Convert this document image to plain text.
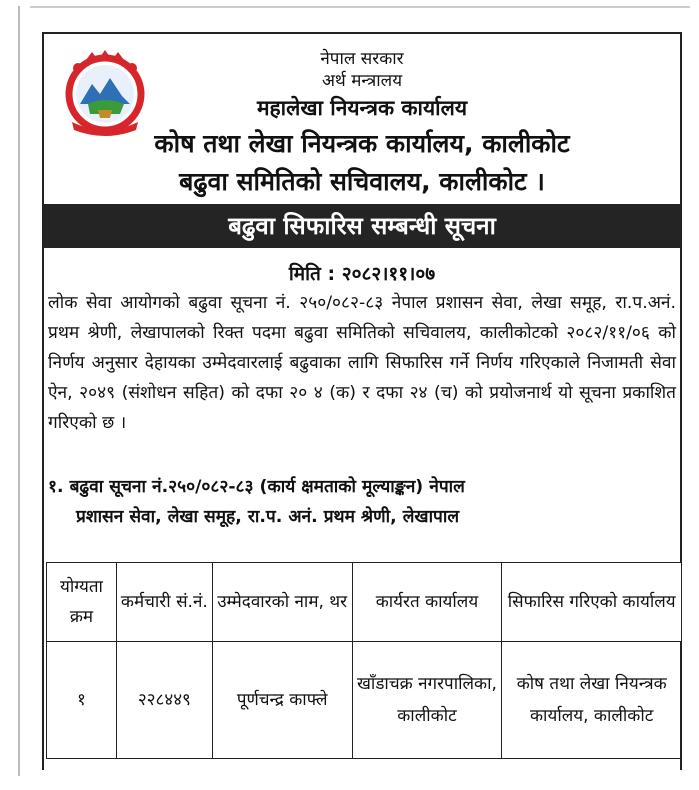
नेपाल सरकार
अर्थ मन्त्रालय
महालेखा नियन्त्रक कार्यालय
कोष तथा लेखा नियन्त्रक कार्यालय, कालीकोट
बढुवा समितिको सचिवालय, कालीकोट ।
बढुवा सिफारिस सम्बन्धी सूचना
मिति : २०८२।११।०७
लोक सेवा आयोगको बढुवा सूचना नं. २५०/०८२-८३ नेपाल प्रशासन सेवा, लेखा समूह, रा.प.अनं. प्रथम श्रेणी, लेखापालको रिक्त पदमा बढुवा समितिको सचिवालय, कालीकोटको २०८२/११/०६ को निर्णय अनुसार देहायका उम्मेदवारलाई बढुवाका लागि सिफारिस गर्ने निर्णय गरिएकाले निजामती सेवा ऐन, २०४९ (संशोधन सहित) को दफा २० ४ (क) र दफा २४ (च) को प्रयोजनार्थ यो सूचना प्रकाशित गरिएको छ ।
१. बढुवा सूचना नं.२५०/०८२-८३ (कार्य क्षमताको मूल्याङ्कन) नेपाल
प्रशासन सेवा, लेखा समूह, रा.प. अनं. प्रथम श्रेणी, लेखापाल
योग्यता क्रम	कर्मचारी सं.नं.	उम्मेदवारको नाम, थर	कार्यरत कार्यालय	सिफारिस गरिएको कार्यालय
१	२२८४४९	पूर्णचन्द्र काफ्ले	खाँडाचक्र नगरपालिका, कालीकोट	कोष तथा लेखा नियन्त्रक कार्यालय, कालीकोट
